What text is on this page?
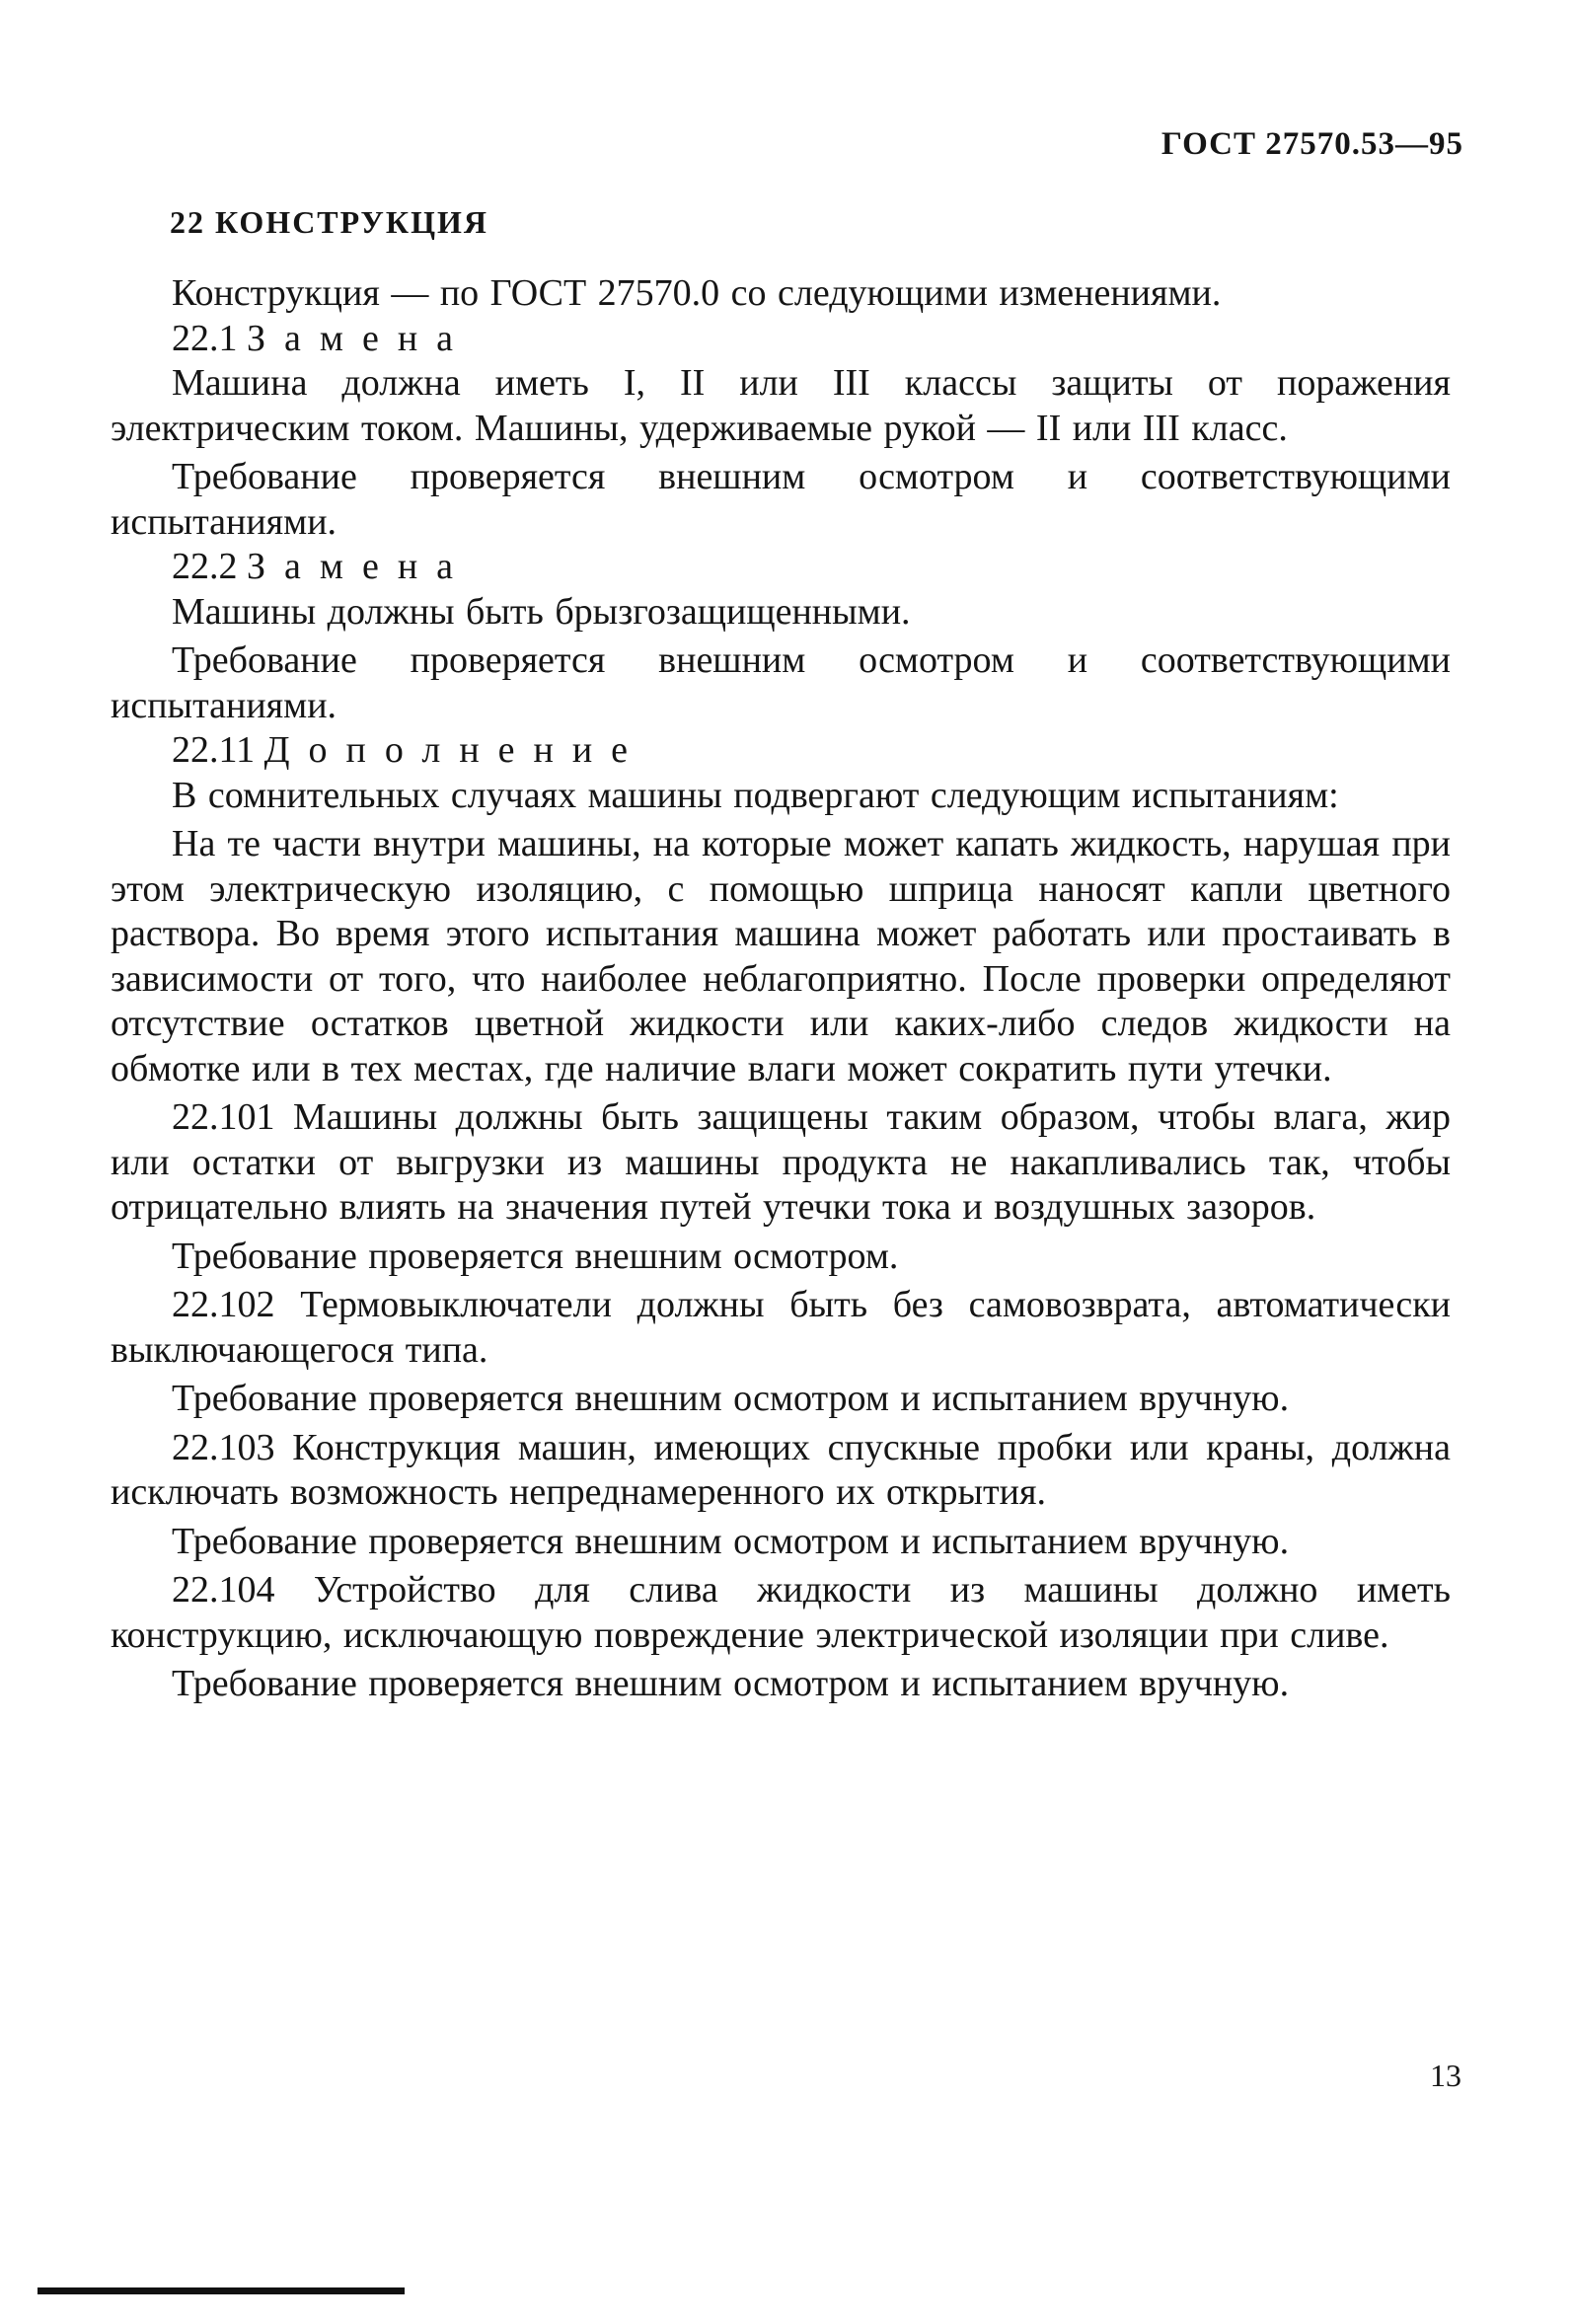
ГОСТ 27570.53—95
22 КОНСТРУКЦИЯ

Конструкция — по ГОСТ 27570.0 со следующими изменениями.

22.1 Замена

Машина должна иметь I, II или III классы защиты от поражения электрическим током. Машины, удерживаемые рукой — II или III класс.

Требование проверяется внешним осмотром и соответствующими испытаниями.

22.2 Замена

Машины должны быть брызгозащищенными.

Требование проверяется внешним осмотром и соответствующими испытаниями.

22.11 Дополнение

В сомнительных случаях машины подвергают следующим испытаниям:

На те части внутри машины, на которые может капать жидкость, нарушая при этом электрическую изоляцию, с помощью шприца наносят капли цветного раствора. Во время этого испытания машина может работать или простаивать в зависимости от того, что наиболее неблагоприятно. После проверки определяют отсутствие остатков цветной жидкости или каких-либо следов жидкости на обмотке или в тех местах, где наличие влаги может сократить пути утечки.

22.101 Машины должны быть защищены таким образом, чтобы влага, жир или остатки от выгрузки из машины продукта не накапливались так, чтобы отрицательно влиять на значения путей утечки тока и воздушных зазоров.

Требование проверяется внешним осмотром.

22.102 Термовыключатели должны быть без самовозврата, автоматически выключающегося типа.

Требование проверяется внешним осмотром и испытанием вручную.

22.103 Конструкция машин, имеющих спускные пробки или краны, должна исключать возможность непреднамеренного их открытия.

Требование проверяется внешним осмотром и испытанием вручную.

22.104 Устройство для слива жидкости из машины должно иметь конструкцию, исключающую повреждение электрической изоляции при сливе.

Требование проверяется внешним осмотром и испытанием вручную.

13
